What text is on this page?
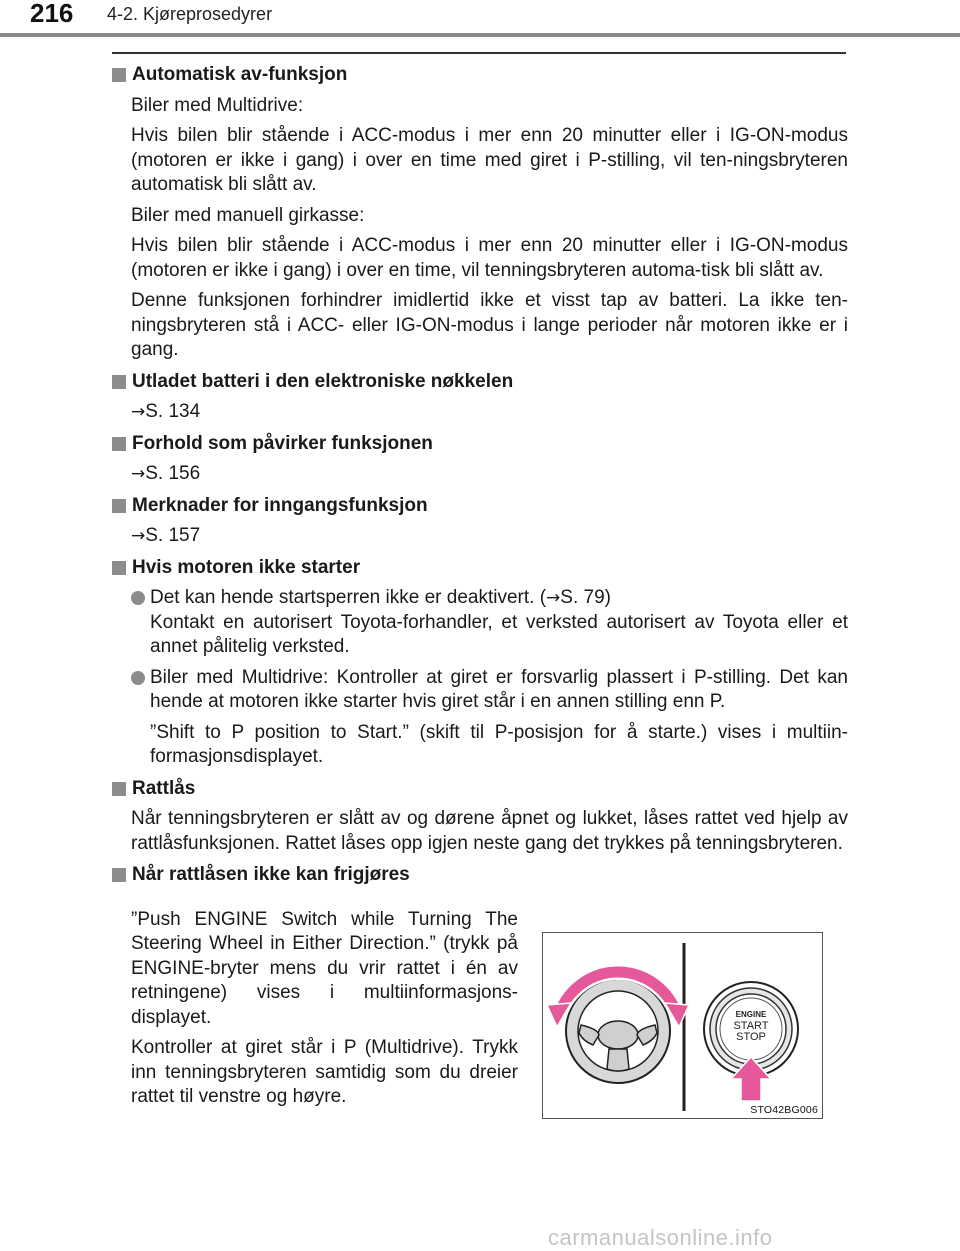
216 4-2. Kjøreprosedyrer
Automatisk av-funksjon
Biler med Multidrive:
Hvis bilen blir stående i ACC-modus i mer enn 20 minutter eller i IG-ON-modus (motoren er ikke i gang) i over en time med giret i P-stilling, vil ten-ningsbryteren automatisk bli slått av.
Biler med manuell girkasse:
Hvis bilen blir stående i ACC-modus i mer enn 20 minutter eller i IG-ON-modus (motoren er ikke i gang) i over en time, vil tenningsbryteren automa-tisk bli slått av.
Denne funksjonen forhindrer imidlertid ikke et visst tap av batteri. La ikke ten-ningsbryteren stå i ACC- eller IG-ON-modus i lange perioder når motoren ikke er i gang.
Utladet batteri i den elektroniske nøkkelen
→S. 134
Forhold som påvirker funksjonen
→S. 156
Merknader for inngangsfunksjon
→S. 157
Hvis motoren ikke starter
Det kan hende startsperren ikke er deaktivert. (→S. 79)
Kontakt en autorisert Toyota-forhandler, et verksted autorisert av Toyota eller et annet pålitelig verksted.
Biler med Multidrive: Kontroller at giret er forsvarlig plassert i P-stilling. Det kan hende at motoren ikke starter hvis giret står i en annen stilling enn P.
”Shift to P position to Start.” (skift til P-posisjon for å starte.) vises i multiin-formasjonsdisplayet.
Rattlås
Når tenningsbryteren er slått av og dørene åpnet og lukket, låses rattet ved hjelp av rattlåsfunksjonen. Rattet låses opp igjen neste gang det trykkes på tenningsbryteren.
Når rattlåsen ikke kan frigjøres
”Push ENGINE Switch while Turning The Steering Wheel in Either Direction.” (trykk på ENGINE-bryter mens du vrir rattet i én av retningene) vises i multiinformasjons-displayet.
Kontroller at giret står i P (Multidrive). Trykk inn tenningsbryteren samtidig som du dreier rattet til venstre og høyre.
ENGINE
START
STOP
STO42BG006
carmanualsonline.info
